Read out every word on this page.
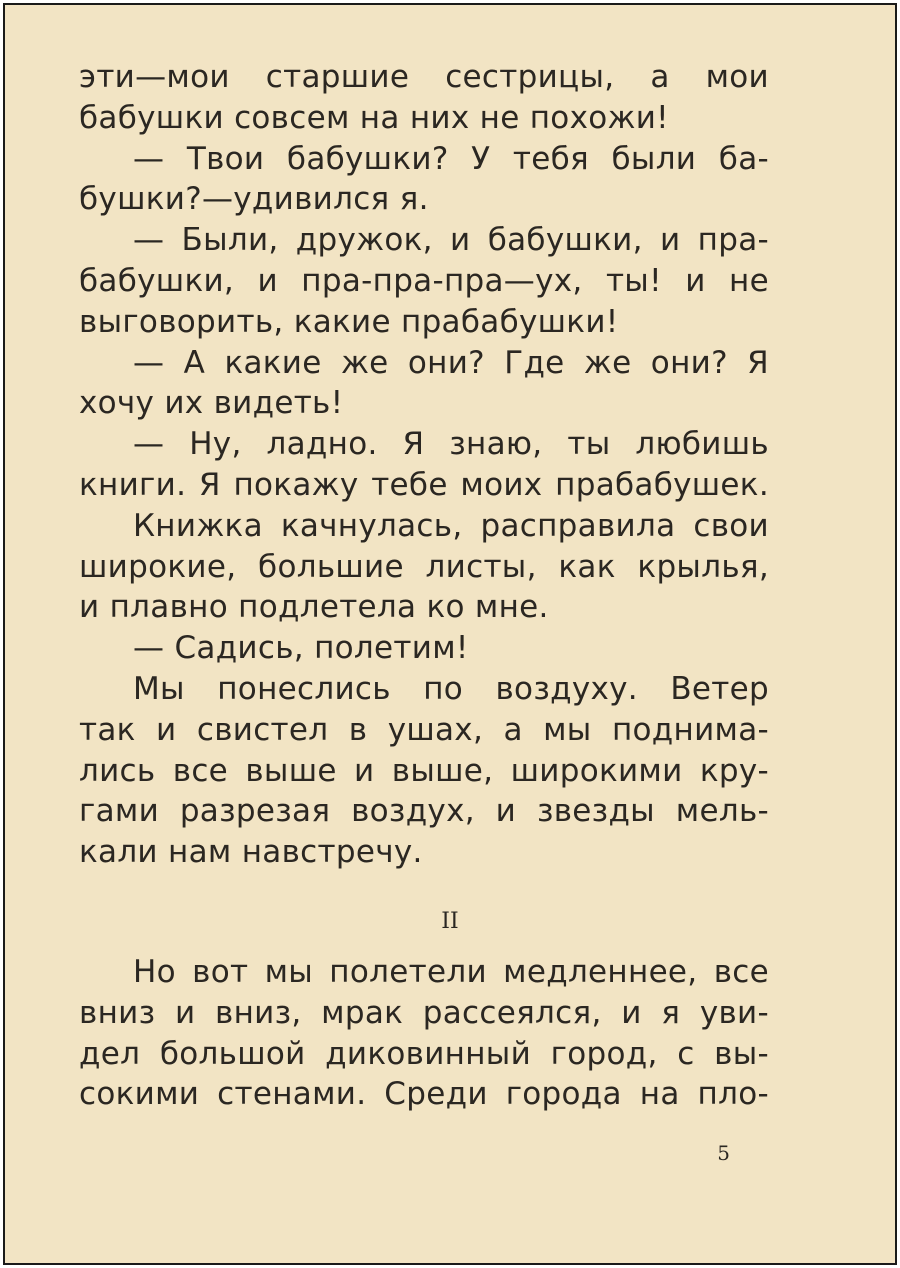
эти—мои старшие сестрицы, а мои
бабушки совсем на них не похожи!
— Твои бабушки? У тебя были ба-
бушки?—удивился я.
— Были, дружок, и бабушки, и пра-
бабушки, и пра-пра-пра—ух, ты! и не
выговорить, какие прабабушки!
— А какие же они? Где же они? Я
хочу их видеть!
— Ну, ладно. Я знаю, ты любишь
книги. Я покажу тебе моих прабабушек.
Книжка качнулась, расправила свои
широкие, большие листы, как крылья,
и плавно подлетела ко мне.
— Садись, полетим!
Мы понеслись по воздуху. Ветер
так и свистел в ушах, а мы поднима-
лись все выше и выше, широкими кру-
гами разрезая воздух, и звезды мель-
кали нам навстречу.
II
Но вот мы полетели медленнее, все
вниз и вниз, мрак рассеялся, и я уви-
дел большой диковинный город, с вы-
сокими стенами. Среди города на пло-
5
